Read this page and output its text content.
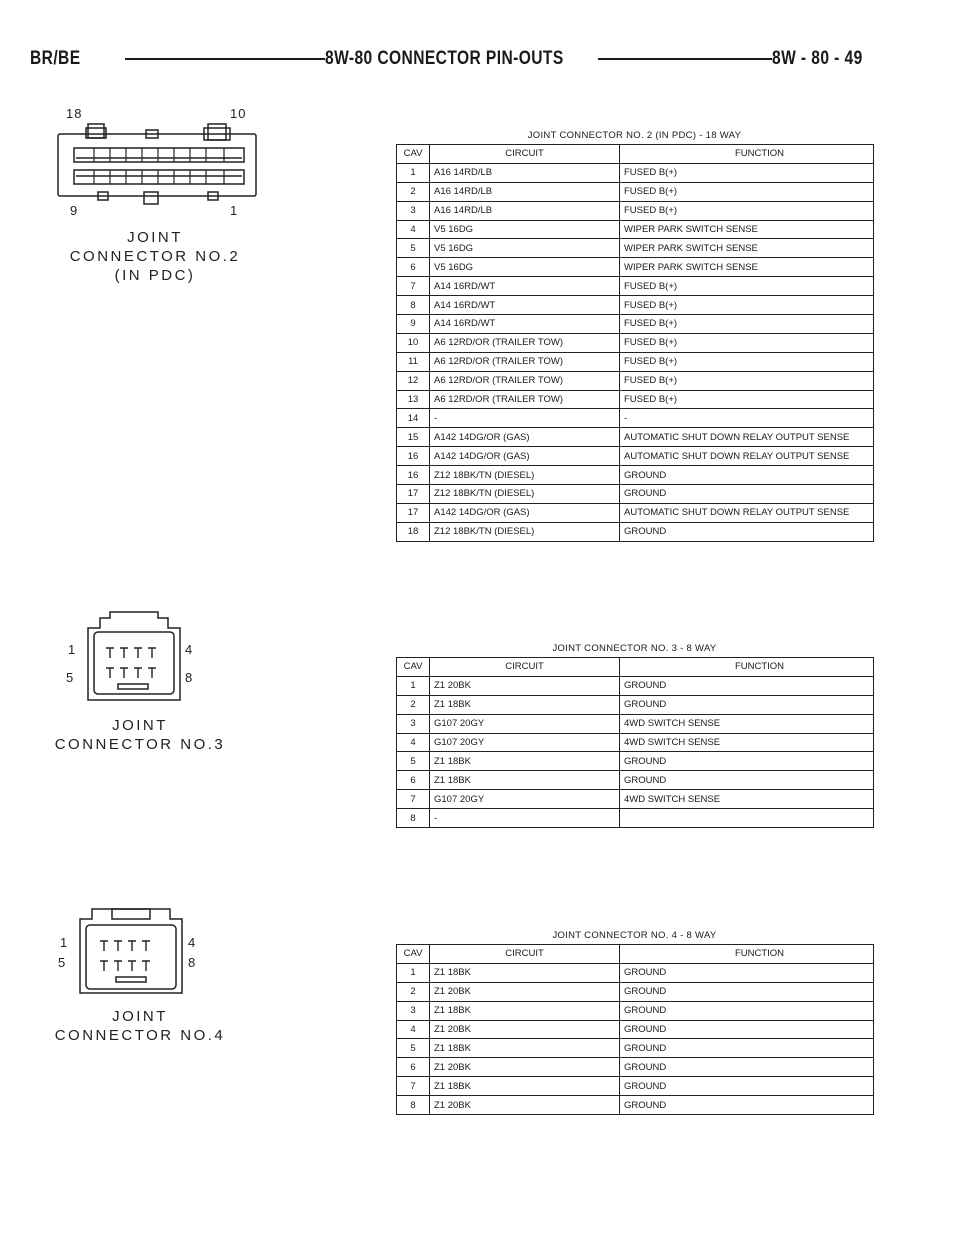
BR/BE	8W-80 CONNECTOR PIN-OUTS	8W - 80 - 49
18	10
9	1
JOINT
CONNECTOR NO.2
(IN PDC)
1	4
5	8
JOINT
CONNECTOR NO.3
1	4
5	8
JOINT
CONNECTOR NO.4
JOINT CONNECTOR NO. 2 (IN PDC) - 18 WAY
CAV	CIRCUIT	FUNCTION
1	A16 14RD/LB	FUSED B(+)
2	A16 14RD/LB	FUSED B(+)
3	A16 14RD/LB	FUSED B(+)
4	V5 16DG	WIPER PARK SWITCH SENSE
5	V5 16DG	WIPER PARK SWITCH SENSE
6	V5 16DG	WIPER PARK SWITCH SENSE
7	A14 16RD/WT	FUSED B(+)
8	A14 16RD/WT	FUSED B(+)
9	A14 16RD/WT	FUSED B(+)
10	A6 12RD/OR (TRAILER TOW)	FUSED B(+)
11	A6 12RD/OR (TRAILER TOW)	FUSED B(+)
12	A6 12RD/OR (TRAILER TOW)	FUSED B(+)
13	A6 12RD/OR (TRAILER TOW)	FUSED B(+)
14	-	-
15	A142 14DG/OR (GAS)	AUTOMATIC SHUT DOWN RELAY OUTPUT SENSE
16	A142 14DG/OR (GAS)	AUTOMATIC SHUT DOWN RELAY OUTPUT SENSE
16	Z12 18BK/TN (DIESEL)	GROUND
17	Z12 18BK/TN (DIESEL)	GROUND
17	A142 14DG/OR (GAS)	AUTOMATIC SHUT DOWN RELAY OUTPUT SENSE
18	Z12 18BK/TN (DIESEL)	GROUND
JOINT CONNECTOR NO. 3 - 8 WAY
CAV	CIRCUIT	FUNCTION
1	Z1 20BK	GROUND
2	Z1 18BK	GROUND
3	G107 20GY	4WD SWITCH SENSE
4	G107 20GY	4WD SWITCH SENSE
5	Z1 18BK	GROUND
6	Z1 18BK	GROUND
7	G107 20GY	4WD SWITCH SENSE
8	-	
JOINT CONNECTOR NO. 4 - 8 WAY
CAV	CIRCUIT	FUNCTION
1	Z1 18BK	GROUND
2	Z1 20BK	GROUND
3	Z1 18BK	GROUND
4	Z1 20BK	GROUND
5	Z1 18BK	GROUND
6	Z1 20BK	GROUND
7	Z1 18BK	GROUND
8	Z1 20BK	GROUND
